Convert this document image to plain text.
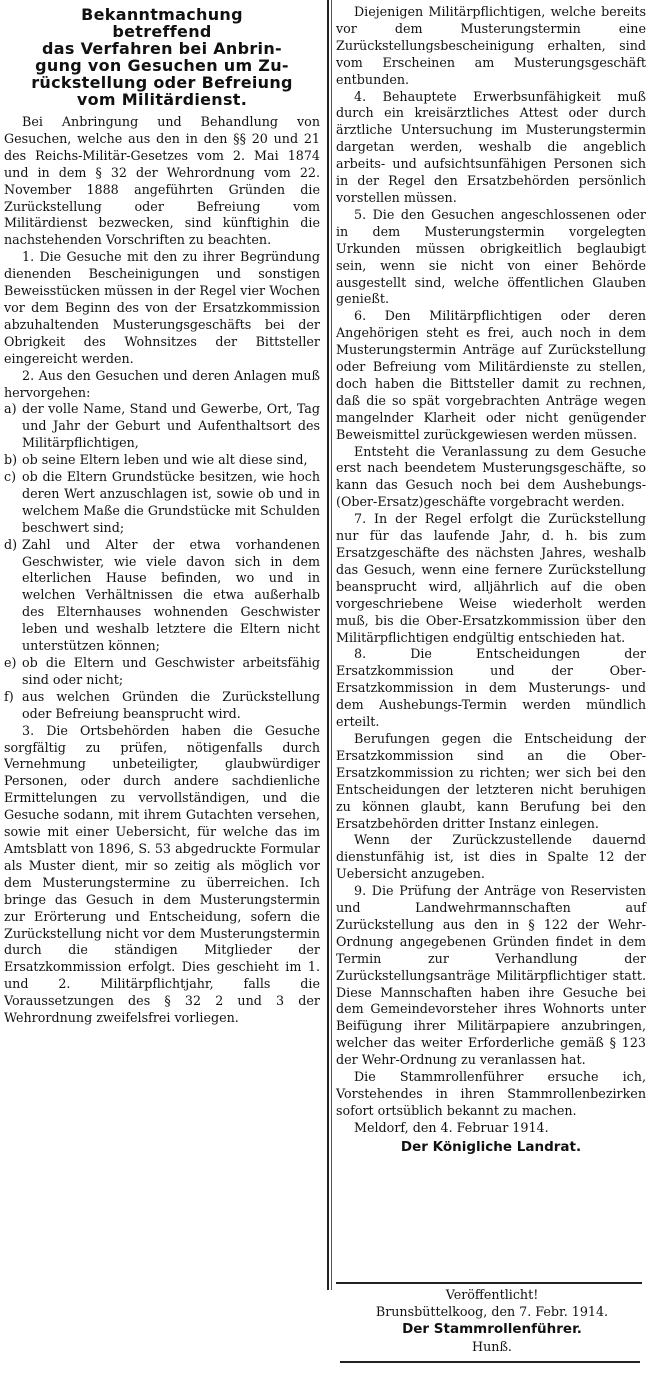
Bekanntmachung
betreffend
das Verfahren bei Anbrin-
gung von Gesuchen um Zu-
rückstellung oder Befreiung
vom Militärdienst.

Bei Anbringung und Behandlung von Gesuchen, welche aus den in den §§ 20 und 21 des Reichs-Militär-Gesetzes vom 2. Mai 1874 und in dem § 32 der Wehrordnung vom 22. November 1888 angeführten Gründen die Zurückstellung oder Befreiung vom Militärdienst bezwecken, sind künftighin die nachstehenden Vorschriften zu beachten.

1. Die Gesuche mit den zu ihrer Begründung dienenden Bescheinigungen und sonstigen Beweisstücken müssen in der Regel vier Wochen vor dem Beginn des von der Ersatzkommission abzuhaltenden Musterungsgeschäfts bei der Obrigkeit des Wohnsitzes der Bittsteller eingereicht werden.

2. Aus den Gesuchen und deren Anlagen muß hervorgehen:

a) der volle Name, Stand und Gewerbe, Ort, Tag und Jahr der Geburt und Aufenthaltsort des Militärpflichtigen,
b) ob seine Eltern leben und wie alt diese sind,
c) ob die Eltern Grundstücke besitzen, wie hoch deren Wert anzuschlagen ist, sowie ob und in welchem Maße die Grundstücke mit Schulden beschwert sind;
d) Zahl und Alter der etwa vorhandenen Geschwister, wie viele davon sich in dem elterlichen Hause befinden, wo und in welchen Verhältnissen die etwa außerhalb des Elternhauses wohnenden Geschwister leben und weshalb letztere die Eltern nicht unterstützen können;
e) ob die Eltern und Geschwister arbeitsfähig sind oder nicht;
f) aus welchen Gründen die Zurückstellung oder Befreiung beansprucht wird.

3. Die Ortsbehörden haben die Gesuche sorgfältig zu prüfen, nötigenfalls durch Vernehmung unbeteiligter, glaubwürdiger Personen, oder durch andere sachdienliche Ermittelungen zu vervollständigen, und die Gesuche sodann, mit ihrem Gutachten versehen, sowie mit einer Uebersicht, für welche das im Amtsblatt von 1896, S. 53 abgedruckte Formular als Muster dient, mir so zeitig als möglich vor dem Musterungstermine zu überreichen. Ich bringe das Gesuch in dem Musterungstermin zur Erörterung und Entscheidung, sofern die Zurückstellung nicht vor dem Musterungstermin durch die ständigen Mitglieder der Ersatzkommission erfolgt. Dies geschieht im 1. und 2. Militärpflichtjahr, falls die Voraussetzungen des § 32 2 und 3 der Wehrordnung zweifelsfrei vorliegen.

Diejenigen Militärpflichtigen, welche bereits vor dem Musterungstermin eine Zurückstellungsbescheinigung erhalten, sind vom Erscheinen am Musterungsgeschäft entbunden.

4. Behauptete Erwerbsunfähigkeit muß durch ein kreisärztliches Attest oder durch ärztliche Untersuchung im Musterungstermin dargetan werden, weshalb die angeblich arbeits- und aufsichtsunfähigen Personen sich in der Regel den Ersatzbehörden persönlich vorstellen müssen.

5. Die den Gesuchen angeschlossenen oder in dem Musterungstermin vorgelegten Urkunden müssen obrigkeitlich beglaubigt sein, wenn sie nicht von einer Behörde ausgestellt sind, welche öffentlichen Glauben genießt.

6. Den Militärpflichtigen oder deren Angehörigen steht es frei, auch noch in dem Musterungstermin Anträge auf Zurückstellung oder Befreiung vom Militärdienste zu stellen, doch haben die Bittsteller damit zu rechnen, daß die so spät vorgebrachten Anträge wegen mangelnder Klarheit oder nicht genügender Beweismittel zurückgewiesen werden müssen.

Entsteht die Veranlassung zu dem Gesuche erst nach beendetem Musterungsgeschäfte, so kann das Gesuch noch bei dem Aushebungs-(Ober-Ersatz)geschäfte vorgebracht werden.

7. In der Regel erfolgt die Zurückstellung nur für das laufende Jahr, d. h. bis zum Ersatzgeschäfte des nächsten Jahres, weshalb das Gesuch, wenn eine fernere Zurückstellung beansprucht wird, alljährlich auf die oben vorgeschriebene Weise wiederholt werden muß, bis die Ober-Ersatzkommission über den Militärpflichtigen endgültig entschieden hat.

8. Die Entscheidungen der Ersatzkommission und der Ober-Ersatzkommission in dem Musterungs- und dem Aushebungs-Termin werden mündlich erteilt.

Berufungen gegen die Entscheidung der Ersatzkommission sind an die Ober-Ersatzkommission zu richten; wer sich bei den Entscheidungen der letzteren nicht beruhigen zu können glaubt, kann Berufung bei den Ersatzbehörden dritter Instanz einlegen.

Wenn der Zurückzustellende dauernd dienstunfähig ist, ist dies in Spalte 12 der Uebersicht anzugeben.

9. Die Prüfung der Anträge von Reservisten und Landwehrmannschaften auf Zurückstellung aus den in § 122 der Wehr-Ordnung angegebenen Gründen findet in dem Termin zur Verhandlung der Zurückstellungsanträge Militärpflichtiger statt. Diese Mannschaften haben ihre Gesuche bei dem Gemeindevorsteher ihres Wohnorts unter Beifügung ihrer Militärpapiere anzubringen, welcher das weiter Erforderliche gemäß § 123 der Wehr-Ordnung zu veranlassen hat.

Die Stammrollenführer ersuche ich, Vorstehendes in ihren Stammrollenbezirken sofort ortsüblich bekannt zu machen.

Meldorf, den 4. Februar 1914.

Der Königliche Landrat.
Veröffentlicht!
Brunsbüttelkoog, den 7. Febr. 1914.
Der Stammrollenführer.
Hunß.
